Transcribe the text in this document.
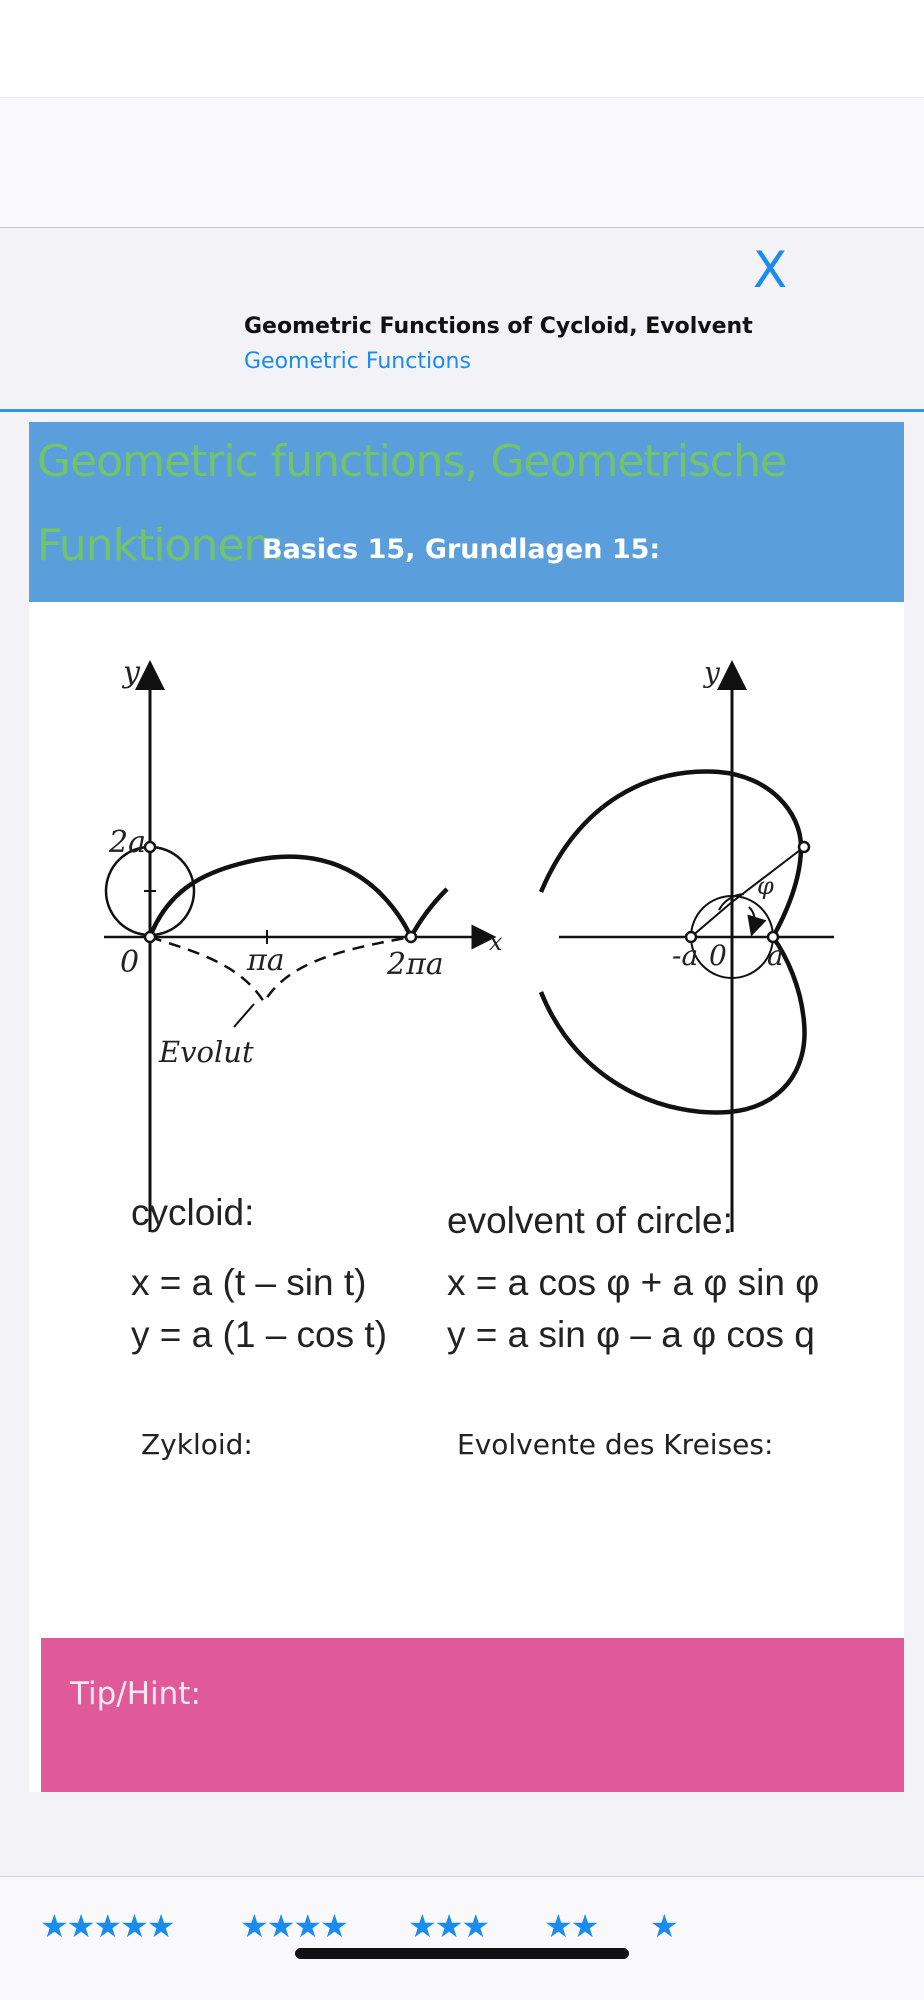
X
Geometric Functions of Cycloid, Evolvent
Geometric Functions
Geometric functions, Geometrische
Funktionen:
Basics 15, Grundlagen 15:
y
x
2a
0	πa	2πa
Evolut
y
-a 0 a
φ
cycloid:
x = a (t – sin t)
y = a (1 – cos t)
evolvent of circle:
x = a cos φ + a φ sin φ
y = a sin φ – a φ cos q
Zykloid:	Evolvente des Kreises:
Tip/Hint:
★★★★★ ★★★★ ★★★ ★★ ★
